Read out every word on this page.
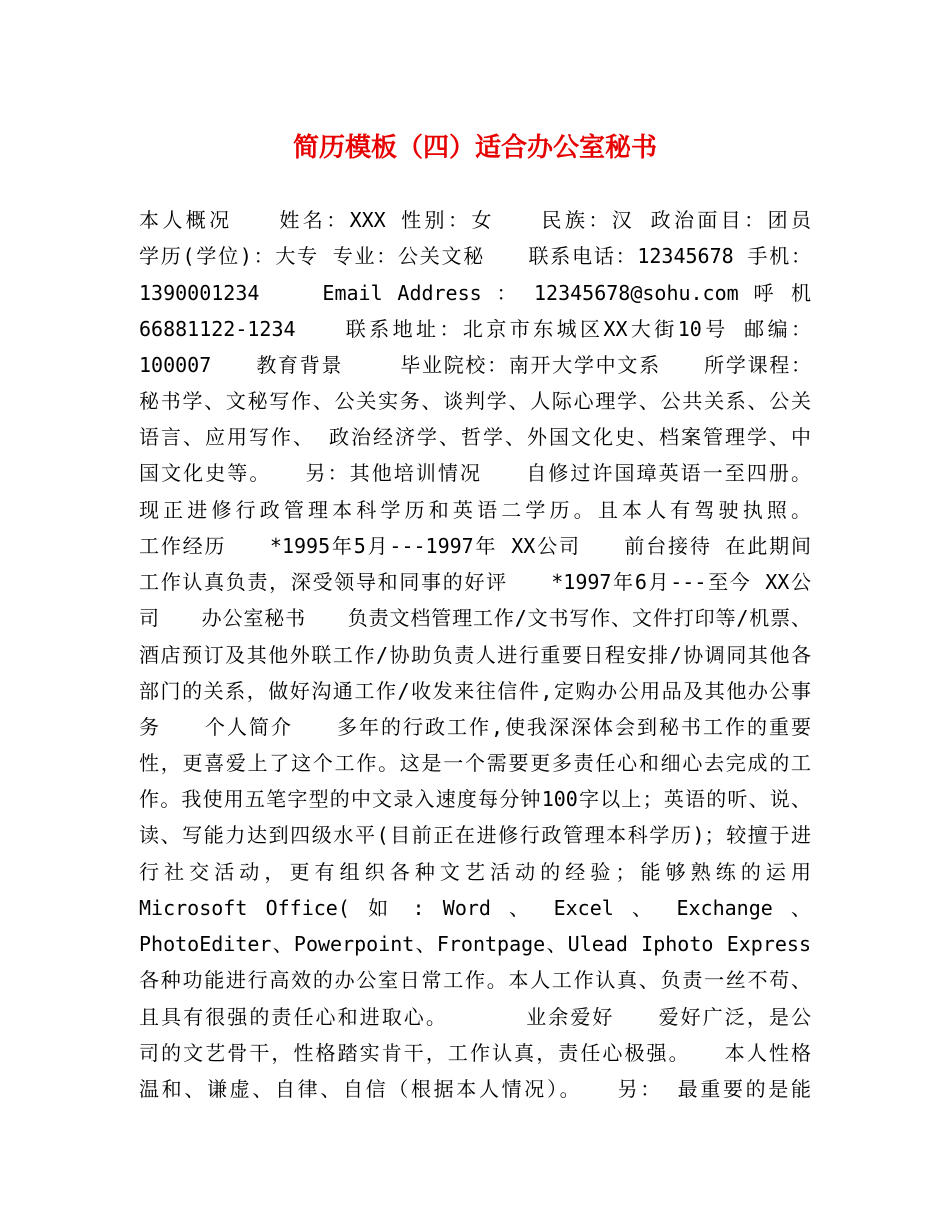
简历模板（四）适合办公室秘书
本人概况　　姓名：XXX 性别：女　　民族：汉 政治面目：团员
学历(学位)：大专 专业：公关文秘　　联系电话：12345678 手机：
1390001234　　 Email Address ： 12345678@sohu.com 呼 机
66881122-1234　　联系地址：北京市东城区XX大街10号 邮编：
100007　　教育背景　　 毕业院校：南开大学中文系　　所学课程：
秘书学、文秘写作、公关实务、谈判学、人际心理学、公共关系、公关
语言、应用写作、 政治经济学、哲学、外国文化史、档案管理学、中
国文化史等。　　另：其他培训情况　　自修过许国璋英语一至四册。
现正进修行政管理本科学历和英语二学历。且本人有驾驶执照。
工作经历　　*1995年5月---1997年 XX公司　　前台接待 在此期间
工作认真负责，深受领导和同事的好评　　*1997年6月---至今 XX公
司　　办公室秘书　　负责文档管理工作/文书写作、文件打印等/机票、
酒店预订及其他外联工作/协助负责人进行重要日程安排/协调同其他各
部门的关系，做好沟通工作/收发来往信件,定购办公用品及其他办公事
务　　个人简介　　多年的行政工作,使我深深体会到秘书工作的重要
性，更喜爱上了这个工作。这是一个需要更多责任心和细心去完成的工
作。我使用五笔字型的中文录入速度每分钟100字以上；英语的听、说、
读、写能力达到四级水平(目前正在进修行政管理本科学历)；较擅于进
行社交活动，更有组织各种文艺活动的经验；能够熟练的运用
Microsoft Office( 如 : Word 、 Excel 、 Exchange 、
PhotoEditer、Powerpoint、Frontpage、Ulead Iphoto Express
各种功能进行高效的办公室日常工作。本人工作认真、负责一丝不苟、
且具有很强的责任心和进取心。　　　　业余爱好　　爱好广泛，是公
司的文艺骨干，性格踏实肯干，工作认真，责任心极强。　　本人性格
温和、谦虚、自律、自信（根据本人情况）。　　另： 最重要的是能
